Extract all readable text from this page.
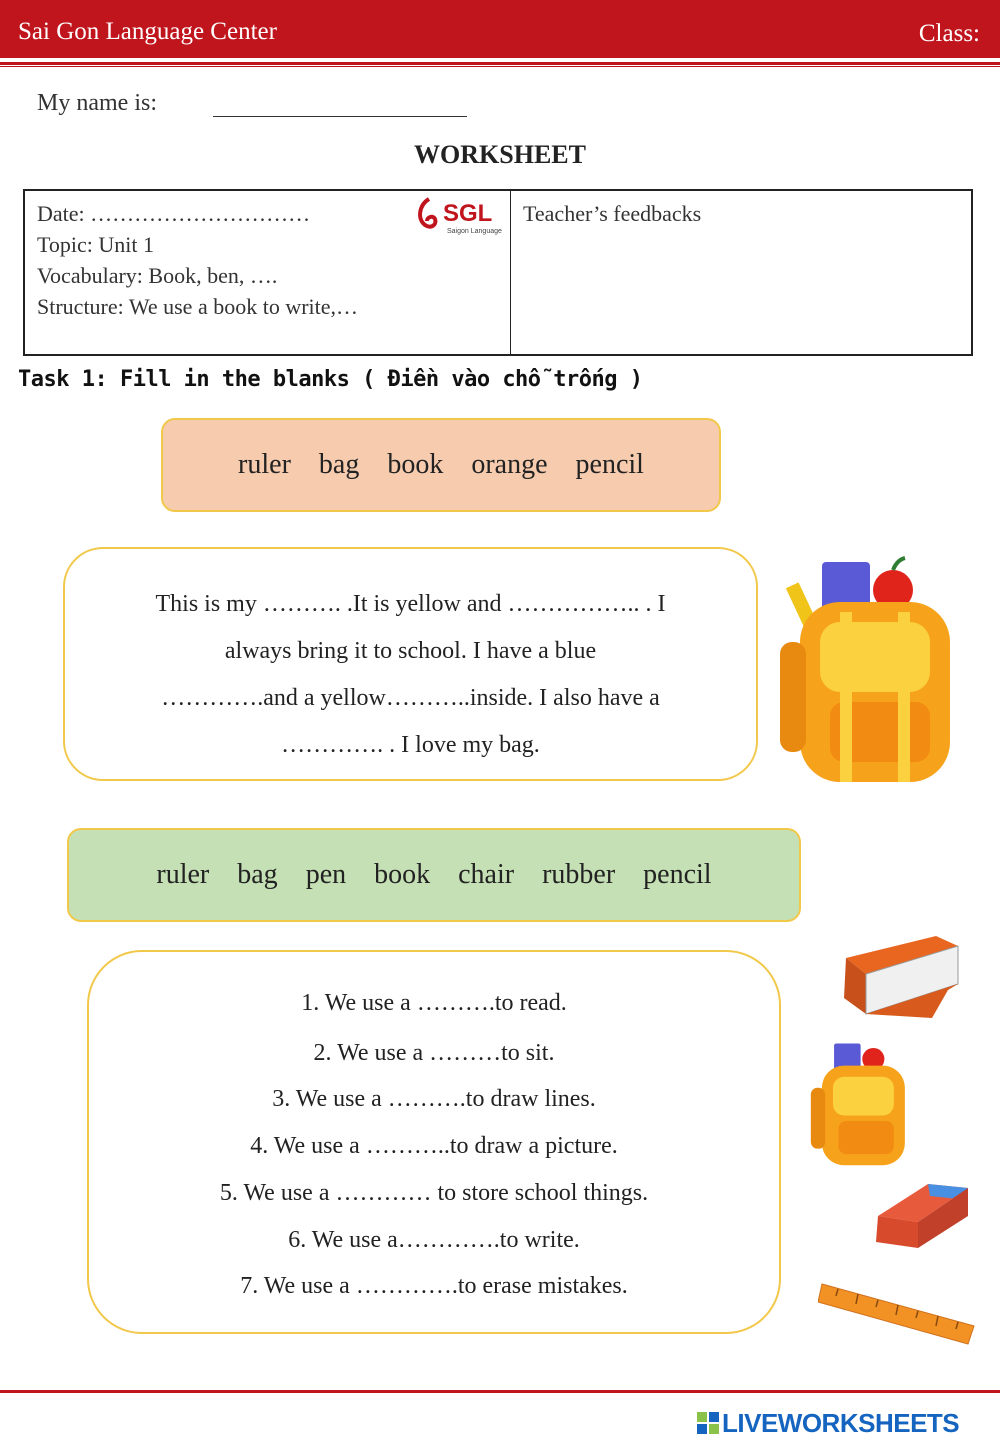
Sai Gon Language Center	Class:
My name is:
WORKSHEET
Date: …………………………
Topic: Unit 1
Vocabulary: Book, ben, ….
Structure: We use a book to write,…
SGL
Saigon Language
Teacher’s feedbacks
Task 1: Fill in the blanks ( Điền vào chỗ trống )
ruler bag book orange pencil
This is my ………. .It is yellow and …………….. . I
always bring it to school. I have a blue
………….and a yellow………..inside. I also have a
…………. . I love my bag.
ruler bag pen book chair rubber pencil
1. We use a ……….to read.
2. We use a ………to sit.
3. We use a ……….to draw lines.
4. We use a ………..to draw a picture.
5. We use a ………… to store school things.
6. We use a………….to write.
7. We use a ………….to erase mistakes.
LIVEWORKSHEETS
